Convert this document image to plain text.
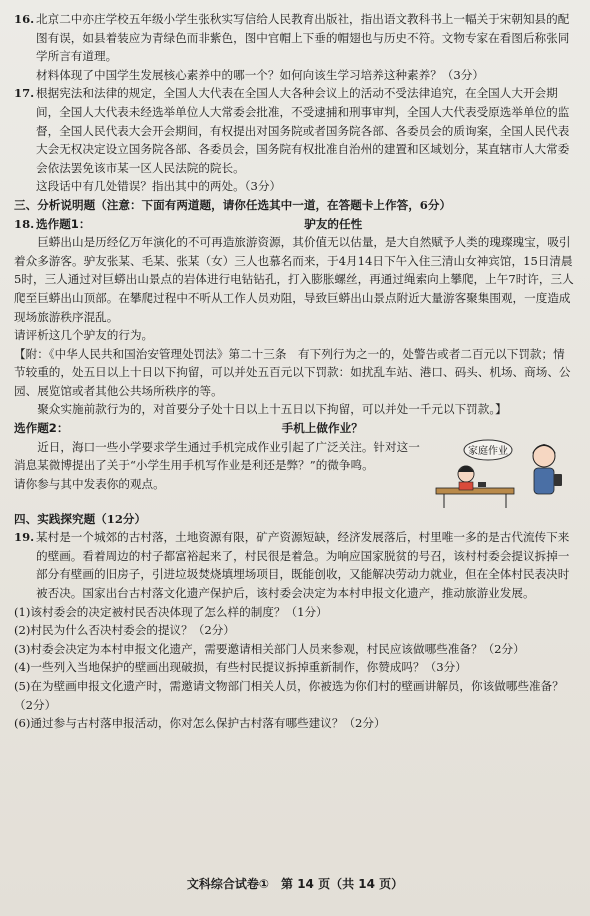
16. 北京二中亦庄学校五年级小学生张秋实写信给人民教育出版社，指出语文教科书上一幅关于宋朝知县的配图有误，如县着装应为青绿色而非紫色，图中官帽上下垂的帽翅也与历史不符。文物专家在看图后称张同学所言有道理。

材料体现了中国学生发展核心素养中的哪一个？如何向该生学习培养这种素养？（3分）

17. 根据宪法和法律的规定，全国人大代表在全国人大各种会议上的活动不受法律追究，在全国人大开会期间，全国人大代表未经选举单位人大常委会批准，不受逮捕和刑事审判，全国人大代表受原选举单位的监督，全国人民代表大会开会期间，有权提出对国务院或者国务院各部、各委员会的质询案，全国人民代表大会无权决定设立国务院各部、各委员会，国务院有权批准自治州的建置和区域划分，某直辖市人大常委会依法罢免该市某一区人民法院的院长。

这段话中有几处错误？指出其中的两处。（3分）

三、分析说明题（注意：下面有两道题，请你任选其中一道，在答题卡上作答，6分）

18. 选作题1：	驴友的任性

巨蟒出山是历经亿万年演化的不可再造旅游资源，其价值无以估量，是大自然赋予人类的瑰璨瑰宝，吸引着众多游客。驴友张某、毛某、张某（女）三人也慕名而来，于4月14日下午入住三清山女神宾馆，15日清晨5时，三人通过对巨蟒出山景点的岩体进行电钻钻孔，打入膨胀螺丝，再通过绳索向上攀爬，上午7时许，三人爬至巨蟒出山顶部。在攀爬过程中不听从工作人员劝阻，导致巨蟒出山景点附近大量游客聚集围观，一度造成现场旅游秩序混乱。

请评析这几个驴友的行为。

【附：《中华人民共和国治安管理处罚法》第二十三条　有下列行为之一的，处警告或者二百元以下罚款；情节较重的，处五日以上十日以下拘留，可以并处五百元以下罚款：如扰乱车站、港口、码头、机场、商场、公园、展览馆或者其他公共场所秩序的等。

聚众实施前款行为的，对首要分子处十日以上十五日以下拘留，可以并处一千元以下罚款。】

选作题2：	手机上做作业？

近日，海口一些小学要求学生通过手机完成作业引起了广泛关注。针对这一消息某微博提出了关于“小学生用手机写作业是利还是弊？”的微争鸣。

请你参与其中发表你的观点。

家庭作业

四、实践探究题（12分）

19. 某村是一个城郊的古村落，土地资源有限，矿产资源短缺，经济发展落后，村里唯一多的是古代流传下来的壁画。看着周边的村子都富裕起来了，村民很是着急。为响应国家脱贫的号召，该村村委会提议拆掉一部分有壁画的旧房子，引进垃圾焚烧填埋场项目，既能创收，又能解决劳动力就业，但在全体村民表决时被否决。国家出台古村落文化遗产保护后，该村委会决定为本村申报文化遗产，推动旅游业发展。

(1)该村委会的决定被村民否决体现了怎么样的制度？（1分）

(2)村民为什么否决村委会的提议？（2分）

(3)村委会决定为本村申报文化遗产，需要邀请相关部门人员来参观，村民应该做哪些准备？（2分）

(4)一些列入当地保护的壁画出现破损，有些村民提议拆掉重新制作，你赞成吗？（3分）

(5)在为壁画申报文化遗产时，需邀请文物部门相关人员，你被选为你们村的壁画讲解员，你该做哪些准备？（2分）

(6)通过参与古村落申报活动，你对怎么保护古村落有哪些建议？（2分）

文科综合试卷①　第 14 页（共 14 页）
